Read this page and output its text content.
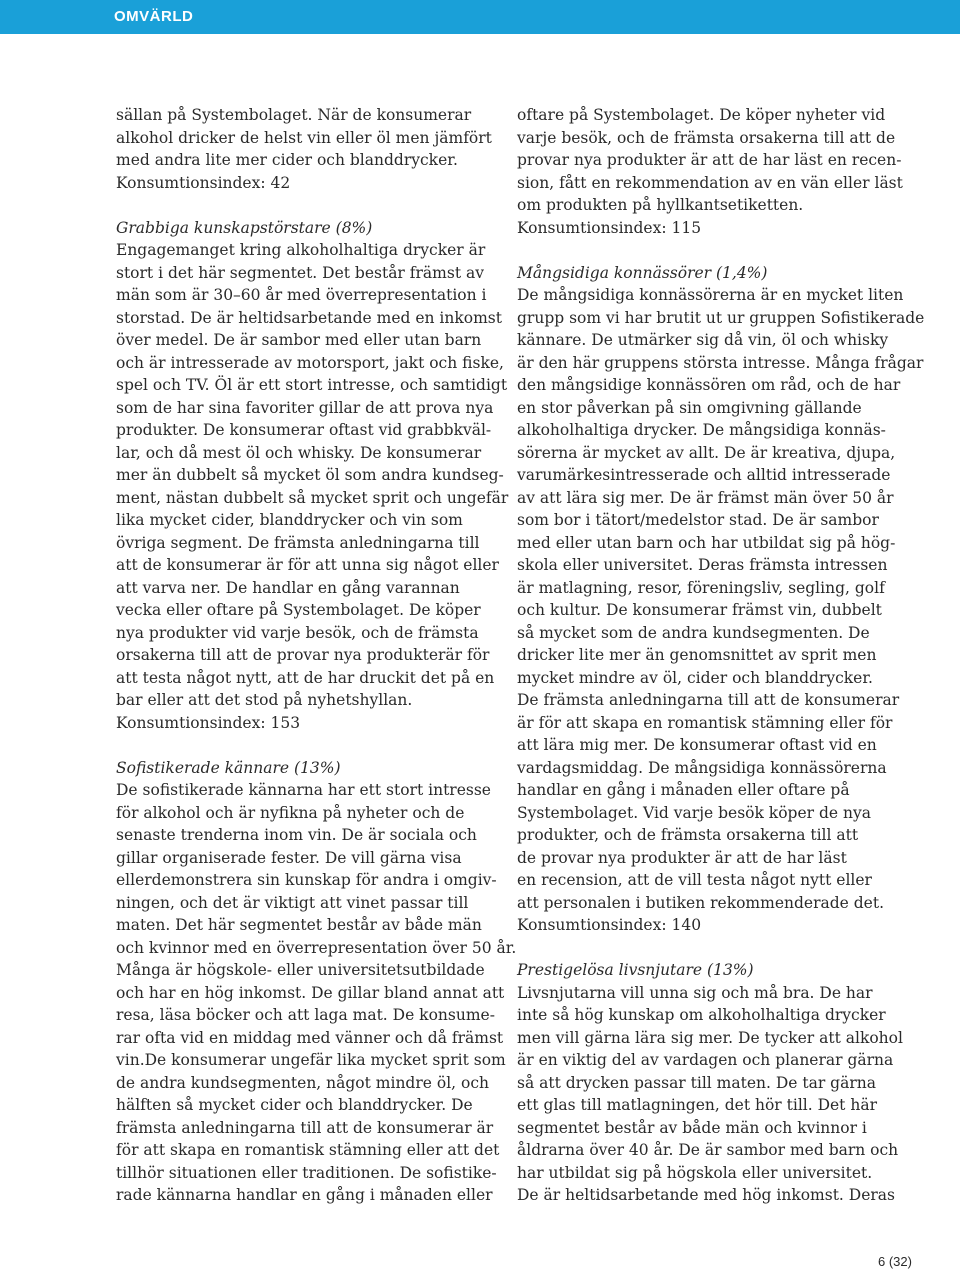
OMVÄRLD
sällan på Systembolaget. När de konsumerar
alkohol dricker de helst vin eller öl men jämfört
med andra lite mer cider och blanddrycker.
Konsumtionsindex: 42
Grabbiga kunskapstörstare (8%)
Engagemanget kring alkoholhaltiga drycker är
stort i det här segmentet. Det består främst av
män som är 30–60 år med överrepresentation i
storstad. De är heltidsarbetande med en inkomst
över medel. De är sambor med eller utan barn
och är intresserade av motorsport, jakt och fiske,
spel och TV. Öl är ett stort intresse, och samtidigt
som de har sina favoriter gillar de att prova nya
produkter. De konsumerar oftast vid grabbkväl-
lar, och då mest öl och whisky. De konsumerar
mer än dubbelt så mycket öl som andra kundseg-
ment, nästan dubbelt så mycket sprit och ungefär
lika mycket cider, blanddrycker och vin som
övriga segment. De främsta anledningarna till
att de konsumerar är för att unna sig något eller
att varva ner. De handlar en gång varannan
vecka eller oftare på Systembolaget. De köper
nya produkter vid varje besök, och de främsta
orsakerna till att de provar nya produkterär för
att testa något nytt, att de har druckit det på en
bar eller att det stod på nyhetshyllan.
Konsumtionsindex: 153
Sofistikerade kännare (13%)
De sofistikerade kännarna har ett stort intresse
för alkohol och är nyfikna på nyheter och de
senaste trenderna inom vin. De är sociala och
gillar organiserade fester. De vill gärna visa
ellerdemonstrera sin kunskap för andra i omgiv-
ningen, och det är viktigt att vinet passar till
maten. Det här segmentet består av både män
och kvinnor med en överrepresentation över 50 år.
Många är högskole- eller universitetsutbildade
och har en hög inkomst. De gillar bland annat att
resa, läsa böcker och att laga mat. De konsume-
rar ofta vid en middag med vänner och då främst
vin.De konsumerar ungefär lika mycket sprit som
de andra kundsegmenten, något mindre öl, och
hälften så mycket cider och blanddrycker. De
främsta anledningarna till att de konsumerar är
för att skapa en romantisk stämning eller att det
tillhör situationen eller traditionen. De sofistike-
rade kännarna handlar en gång i månaden eller
oftare på Systembolaget. De köper nyheter vid
varje besök, och de främsta orsakerna till att de
provar nya produkter är att de har läst en recen-
sion, fått en rekommendation av en vän eller läst
om produkten på hyllkantsetiketten.
Konsumtionsindex: 115
Mångsidiga konnässörer (1,4%)
De mångsidiga konnässörerna är en mycket liten
grupp som vi har brutit ut ur gruppen Sofistikerade
kännare. De utmärker sig då vin, öl och whisky
är den här gruppens största intresse. Många frågar
den mångsidige konnässören om råd, och de har
en stor påverkan på sin omgivning gällande
alkoholhaltiga drycker. De mångsidiga konnäs-
sörerna är mycket av allt. De är kreativa, djupa,
varumärkesintresserade och alltid intresserade
av att lära sig mer. De är främst män över 50 år
som bor i tätort/medelstor stad. De är sambor
med eller utan barn och har utbildat sig på hög-
skola eller universitet. Deras främsta intressen
är matlagning, resor, föreningsliv, segling, golf
och kultur. De konsumerar främst vin, dubbelt
så mycket som de andra kundsegmenten. De
dricker lite mer än genomsnittet av sprit men
mycket mindre av öl, cider och blanddrycker.
De främsta anledningarna till att de konsumerar
är för att skapa en romantisk stämning eller för
att lära mig mer. De konsumerar oftast vid en
vardagsmiddag. De mångsidiga konnässörerna
handlar en gång i månaden eller oftare på
Systembolaget. Vid varje besök köper de nya
produkter, och de främsta orsakerna till att
de provar nya produkter är att de har läst
en recension, att de vill testa något nytt eller
att personalen i butiken rekommenderade det.
Konsumtionsindex: 140
Prestigelösa livsnjutare (13%)
Livsnjutarna vill unna sig och må bra. De har
inte så hög kunskap om alkoholhaltiga drycker
men vill gärna lära sig mer. De tycker att alkohol
är en viktig del av vardagen och planerar gärna
så att drycken passar till maten. De tar gärna
ett glas till matlagningen, det hör till. Det här
segmentet består av både män och kvinnor i
åldrarna över 40 år. De är sambor med barn och
har utbildat sig på högskola eller universitet.
De är heltidsarbetande med hög inkomst. Deras
6 (32)
